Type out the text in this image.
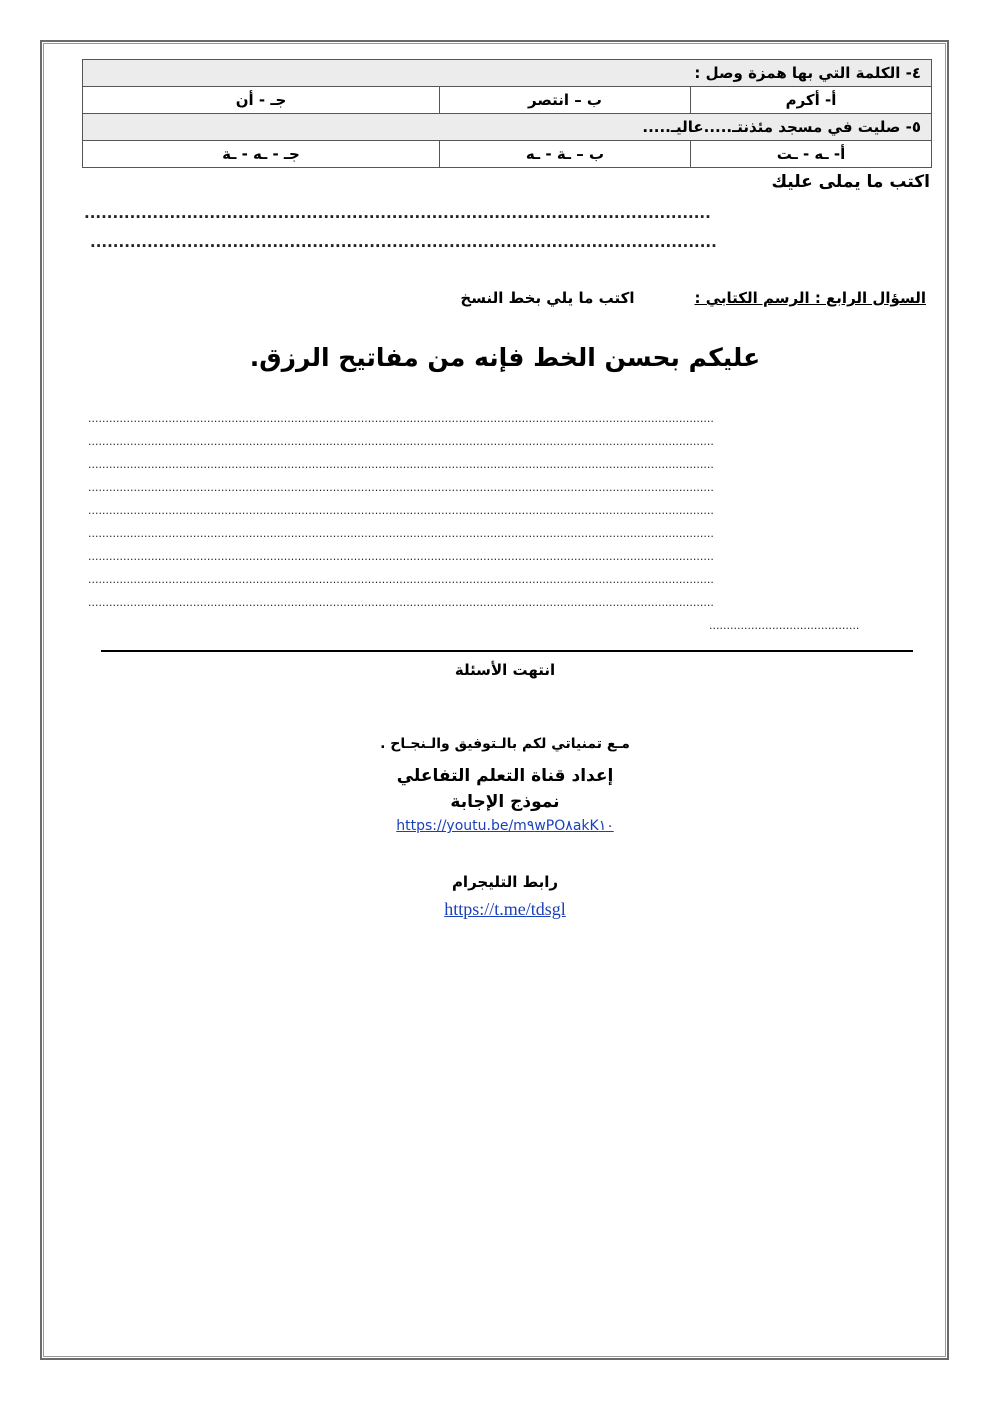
٤- الكلمة التي بها همزة وصل :		
أ- أكرم	ب – انتصر	جـ - أن
٥- صليت في مسجد مئذنتـ.....عاليـ.....		
أ- ـه - ـت	ب – ـة - ـه	جـ - ـه - ـة
اكتب ما يملى عليك
..............................................................................................................
..............................................................................................................
السؤال الرابع : الرسم الكتابي :
اكتب ما يلي بخط النسخ
عليكم بحسن الخط فإنه من مفاتيح الرزق.
...................................................................................................................................................................................
...................................................................................................................................................................................
...................................................................................................................................................................................
...................................................................................................................................................................................
...................................................................................................................................................................................
...................................................................................................................................................................................
...................................................................................................................................................................................
...................................................................................................................................................................................
...................................................................................................................................................................................
...........................................
انتهت الأسئلة
مـع تمنياتي لكم بالـتوفيق والـنجـاح .
إعداد قناة التعلم التفاعلي
نموذج الإجابة
https://youtu.be/m٩wPO٨akK١٠
رابط التليجرام
https://t.me/tdsgl
